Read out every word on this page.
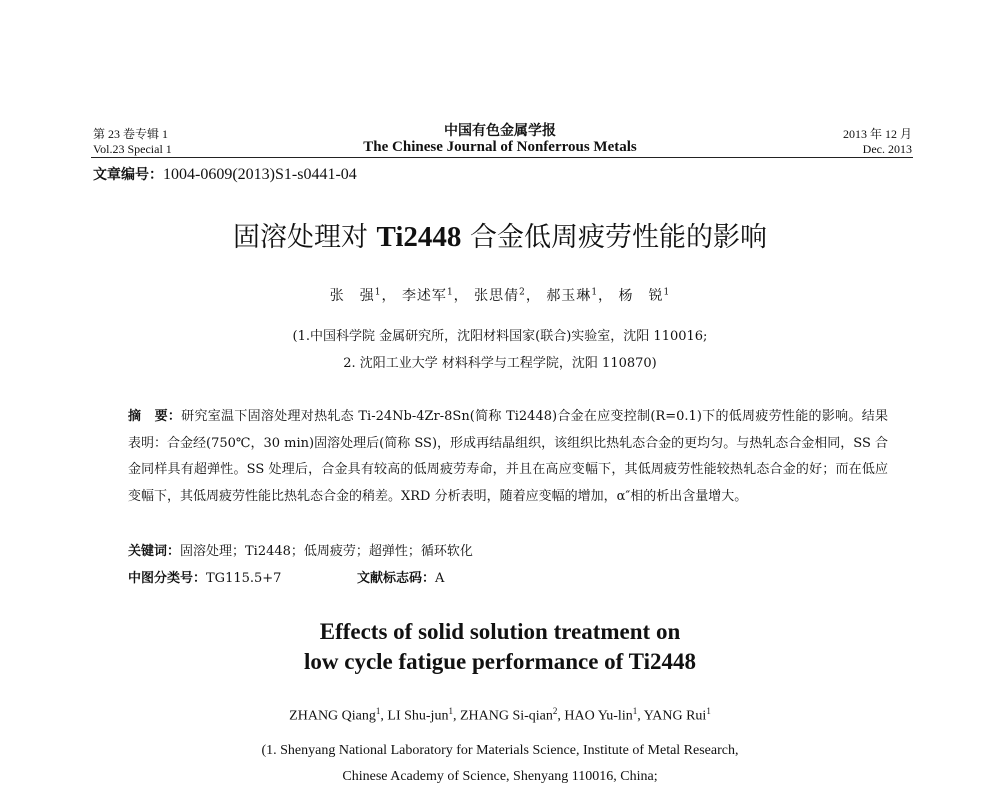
第 23 卷专辑 1
Vol.23 Special 1
中国有色金属学报
The Chinese Journal of Nonferrous Metals
2013 年 12 月
Dec. 2013
文章编号：1004-0609(2013)S1-s0441-04
固溶处理对 Ti2448 合金低周疲劳性能的影响
张　强$^1$， 李述军$^1$， 张思倩$^2$， 郝玉琳$^1$， 杨　锐$^1$
(1.中国科学院 金属研究所，沈阳材料国家(联合)实验室，沈阳 110016;
2. 沈阳工业大学 材料科学与工程学院，沈阳 110870)
摘　要：研究室温下固溶处理对热轧态 Ti-24Nb-4Zr-8Sn(简称 Ti2448)合金在应变控制(R=0.1)下的低周疲劳性能的影响。结果表明：合金经(750℃，30 min)固溶处理后(简称 SS)，形成再结晶组织，该组织比热轧态合金的更均匀。与热轧态合金相同，SS 合金同样具有超弹性。SS 处理后，合金具有较高的低周疲劳寿命，并且在高应变幅下，其低周疲劳性能较热轧态合金的好；而在低应变幅下，其低周疲劳性能比热轧态合金的稍差。XRD 分析表明，随着应变幅的增加，α″相的析出含量增大。
关键词：固溶处理；Ti2448；低周疲劳；超弹性；循环软化
中图分类号：TG115.5+7	文献标志码：A
Effects of solid solution treatment on
low cycle fatigue performance of Ti2448
ZHANG Qiang$^1$, LI Shu-jun$^1$, ZHANG Si-qian$^2$, HAO Yu-lin$^1$, YANG Rui$^1$
(1. Shenyang National Laboratory for Materials Science, Institute of Metal Research,
Chinese Academy of Science, Shenyang 110016, China;
